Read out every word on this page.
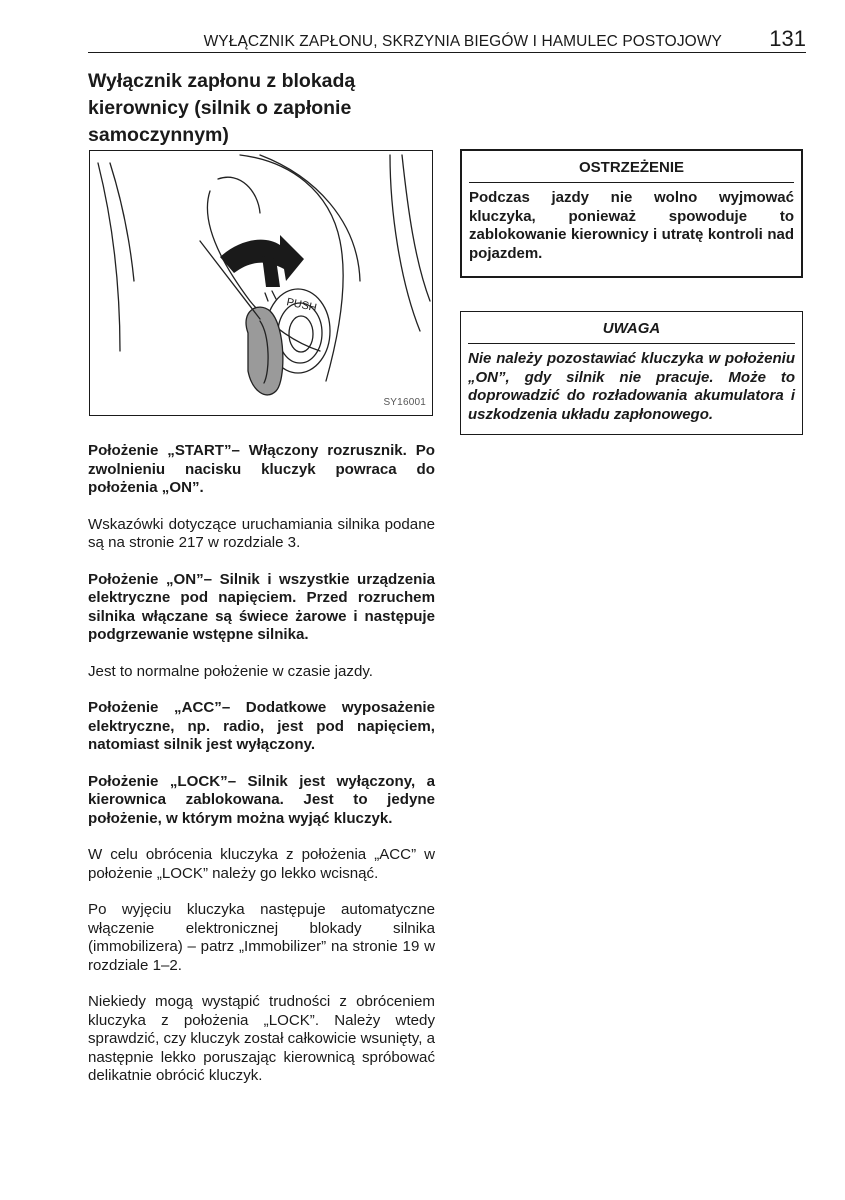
WYŁĄCZNIK ZAPŁONU, SKRZYNIA BIEGÓW I HAMULEC POSTOJOWY 131
Wyłącznik zapłonu z blokadą
kierownicy (silnik o zapłonie
samoczynnym)
PUSH
SY16001

Położenie „START”– Włączony rozrusznik. Po zwolnieniu nacisku kluczyk powraca do położenia „ON”.

Wskazówki dotyczące uruchamiania silnika podane są na stronie 217 w rozdziale 3.

Położenie „ON”– Silnik i wszystkie urządzenia elektryczne pod napięciem. Przed rozruchem silnika włączane są świece żarowe i następuje podgrzewanie wstępne silnika.

Jest to normalne położenie w czasie jazdy.

Położenie „ACC”– Dodatkowe wyposażenie elektryczne, np. radio, jest pod napięciem, natomiast silnik jest wyłączony.

Położenie „LOCK”– Silnik jest wyłączony, a kierownica zablokowana. Jest to jedyne położenie, w którym można wyjąć kluczyk.

W celu obrócenia kluczyka z położenia „ACC” w położenie „LOCK” należy go lekko wcisnąć.

Po wyjęciu kluczyka następuje automatyczne włączenie elektronicznej blokady silnika (immobilizera) – patrz „Immobilizer” na stronie 19 w rozdziale 1–2.

Niekiedy mogą wystąpić trudności z obróceniem kluczyka z położenia „LOCK”. Należy wtedy sprawdzić, czy kluczyk został całkowicie wsunięty, a następnie lekko poruszając kierownicą spróbować delikatnie obrócić kluczyk.

OSTRZEŻENIE
Podczas jazdy nie wolno wyjmować kluczyka, ponieważ spowoduje to zablokowanie kierownicy i utratę kontroli nad pojazdem.
UWAGA
Nie należy pozostawiać kluczyka w położeniu „ON”, gdy silnik nie pracuje. Może to doprowadzić do rozładowania akumulatora i uszkodzenia układu zapłonowego.
